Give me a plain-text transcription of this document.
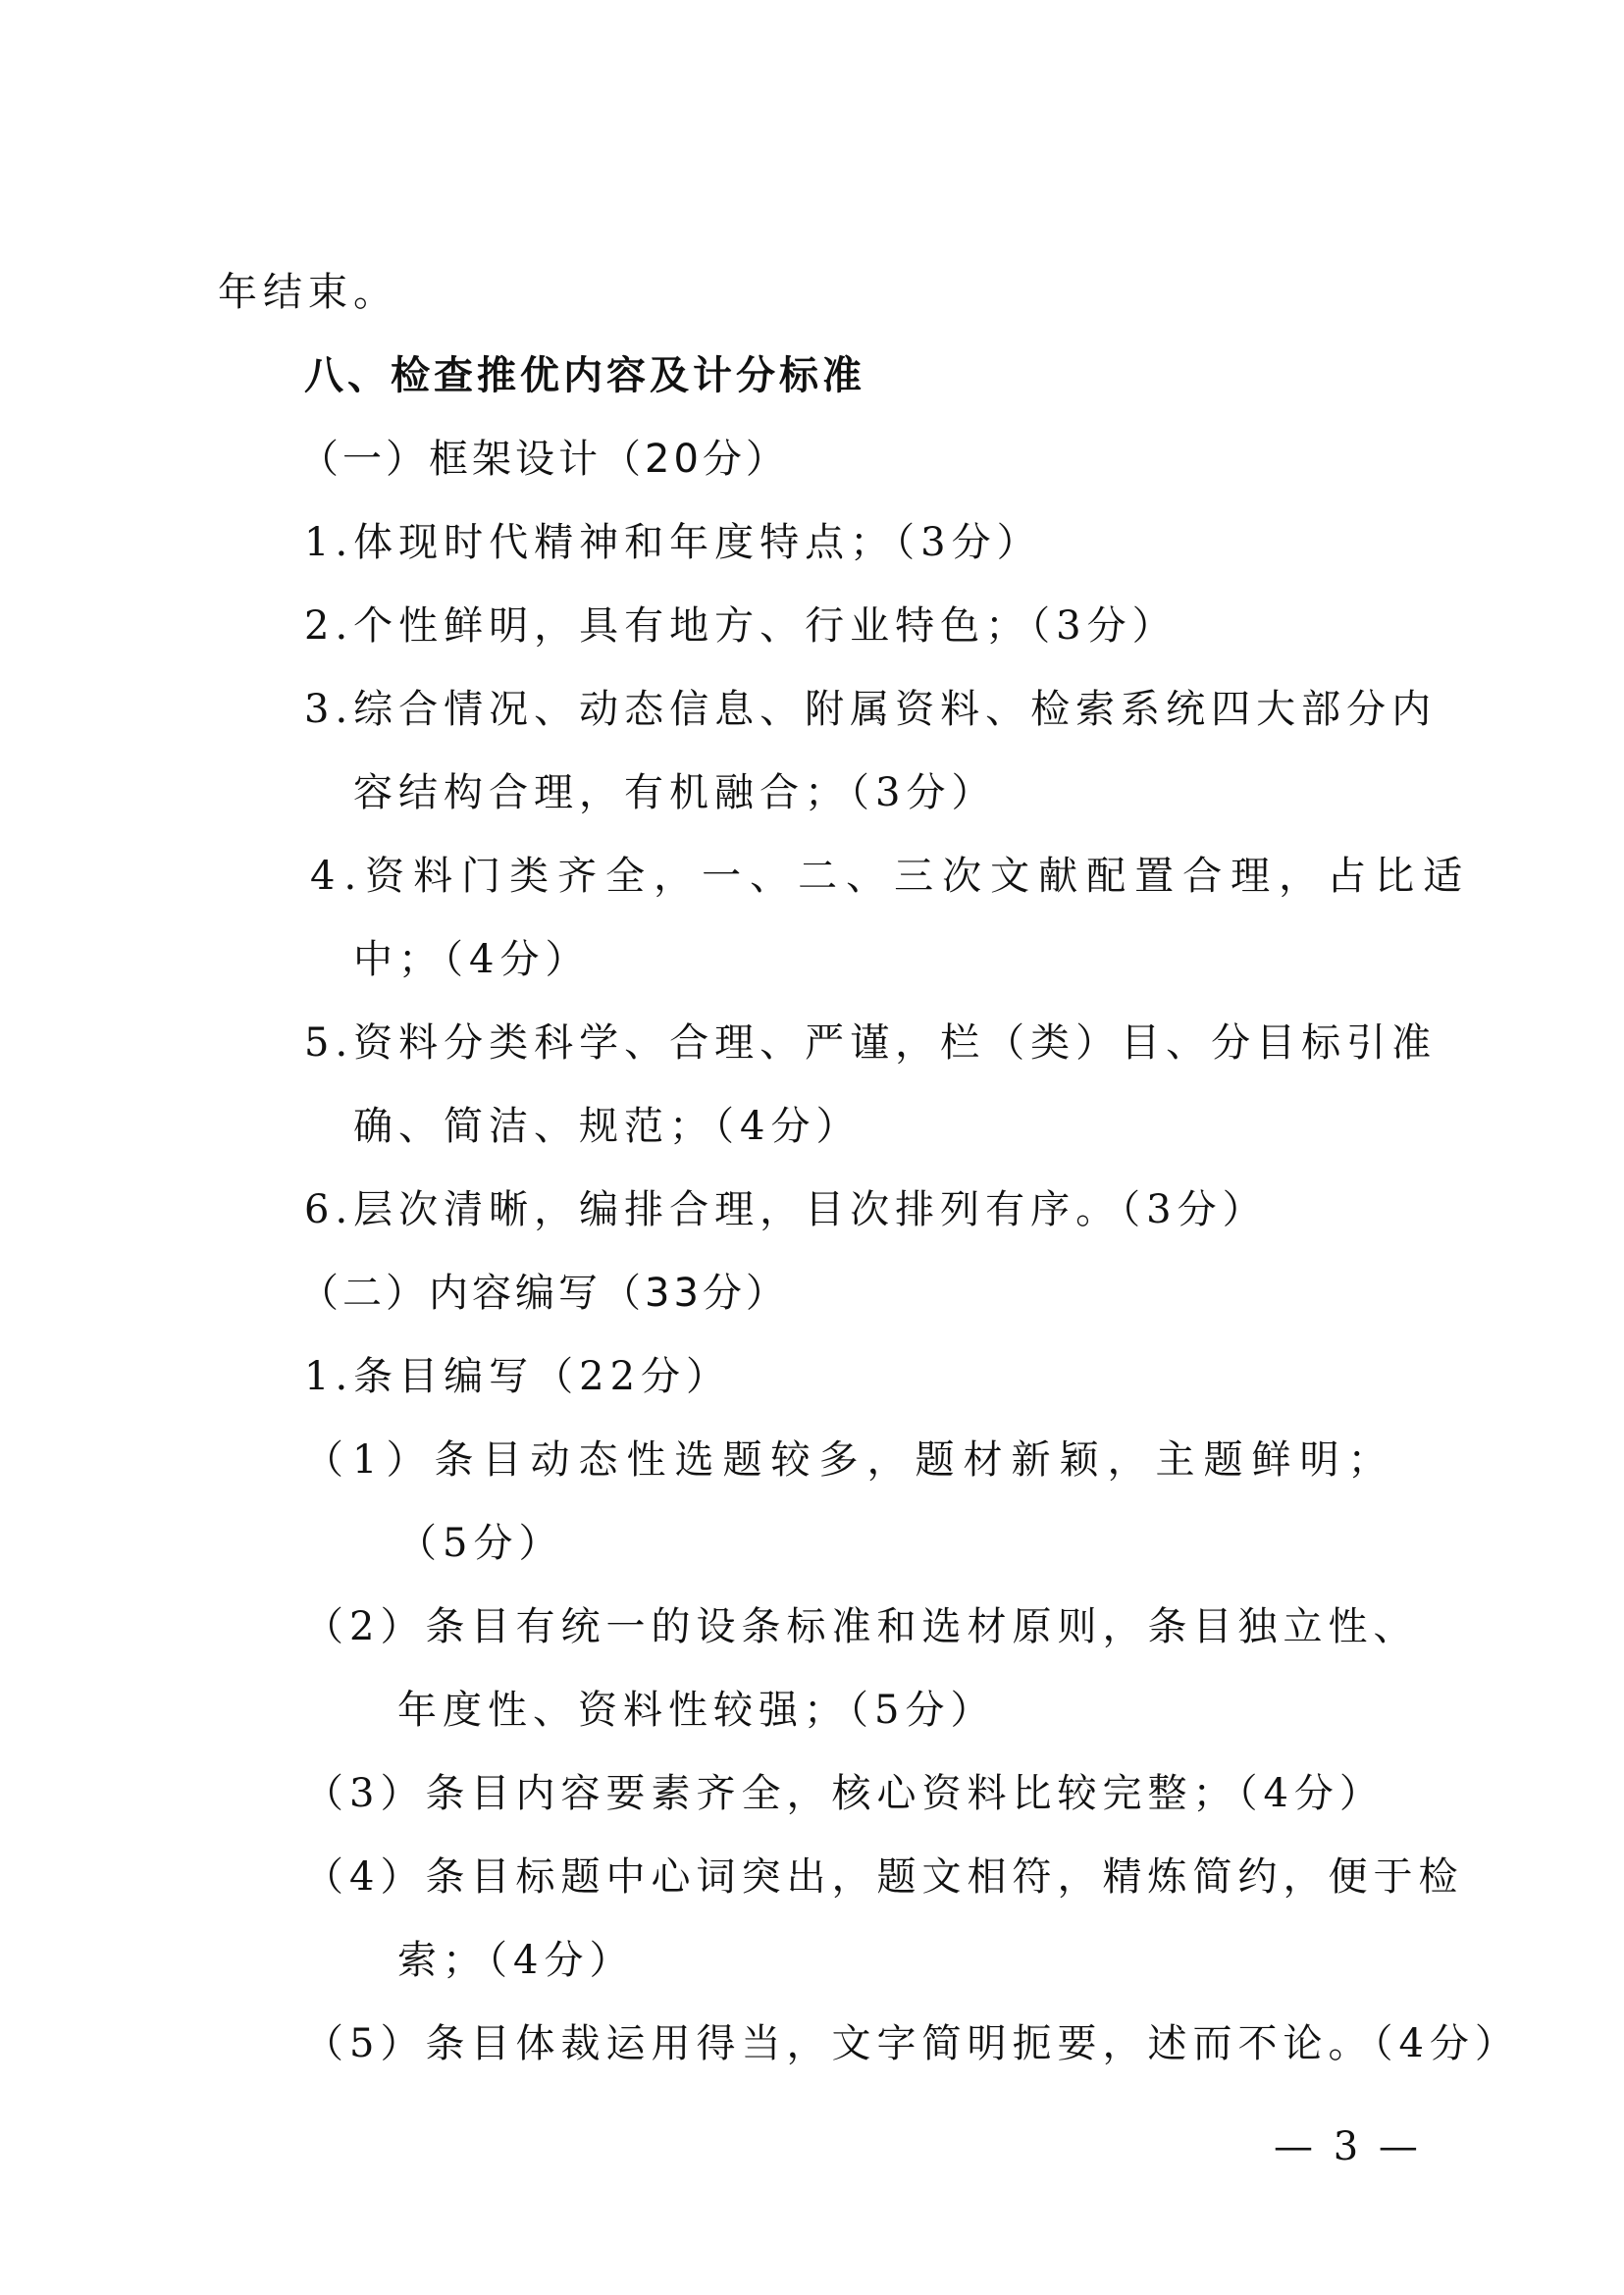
年结束。
八、检查推优内容及计分标准
（一）框架设计（20分）
1.体现时代精神和年度特点；（3分）
2.个性鲜明，具有地方、行业特色；（3分）
3.综合情况、动态信息、附属资料、检索系统四大部分内
容结构合理，有机融合；（3分）
4.资料门类齐全，一、二、三次文献配置合理，占比适
中；（4分）
5.资料分类科学、合理、严谨，栏（类）目、分目标引准
确、简洁、规范；（4分）
6.层次清晰，编排合理，目次排列有序。（3分）
（二）内容编写（33分）
1.条目编写（22分）
（1）条目动态性选题较多，题材新颖，主题鲜明；
（5分）
（2）条目有统一的设条标准和选材原则，条目独立性、
年度性、资料性较强；（5分）
（3）条目内容要素齐全，核心资料比较完整；（4分）
（4）条目标题中心词突出，题文相符，精炼简约，便于检
索；（4分）
（5）条目体裁运用得当，文字简明扼要，述而不论。（4分）
— 3 —
